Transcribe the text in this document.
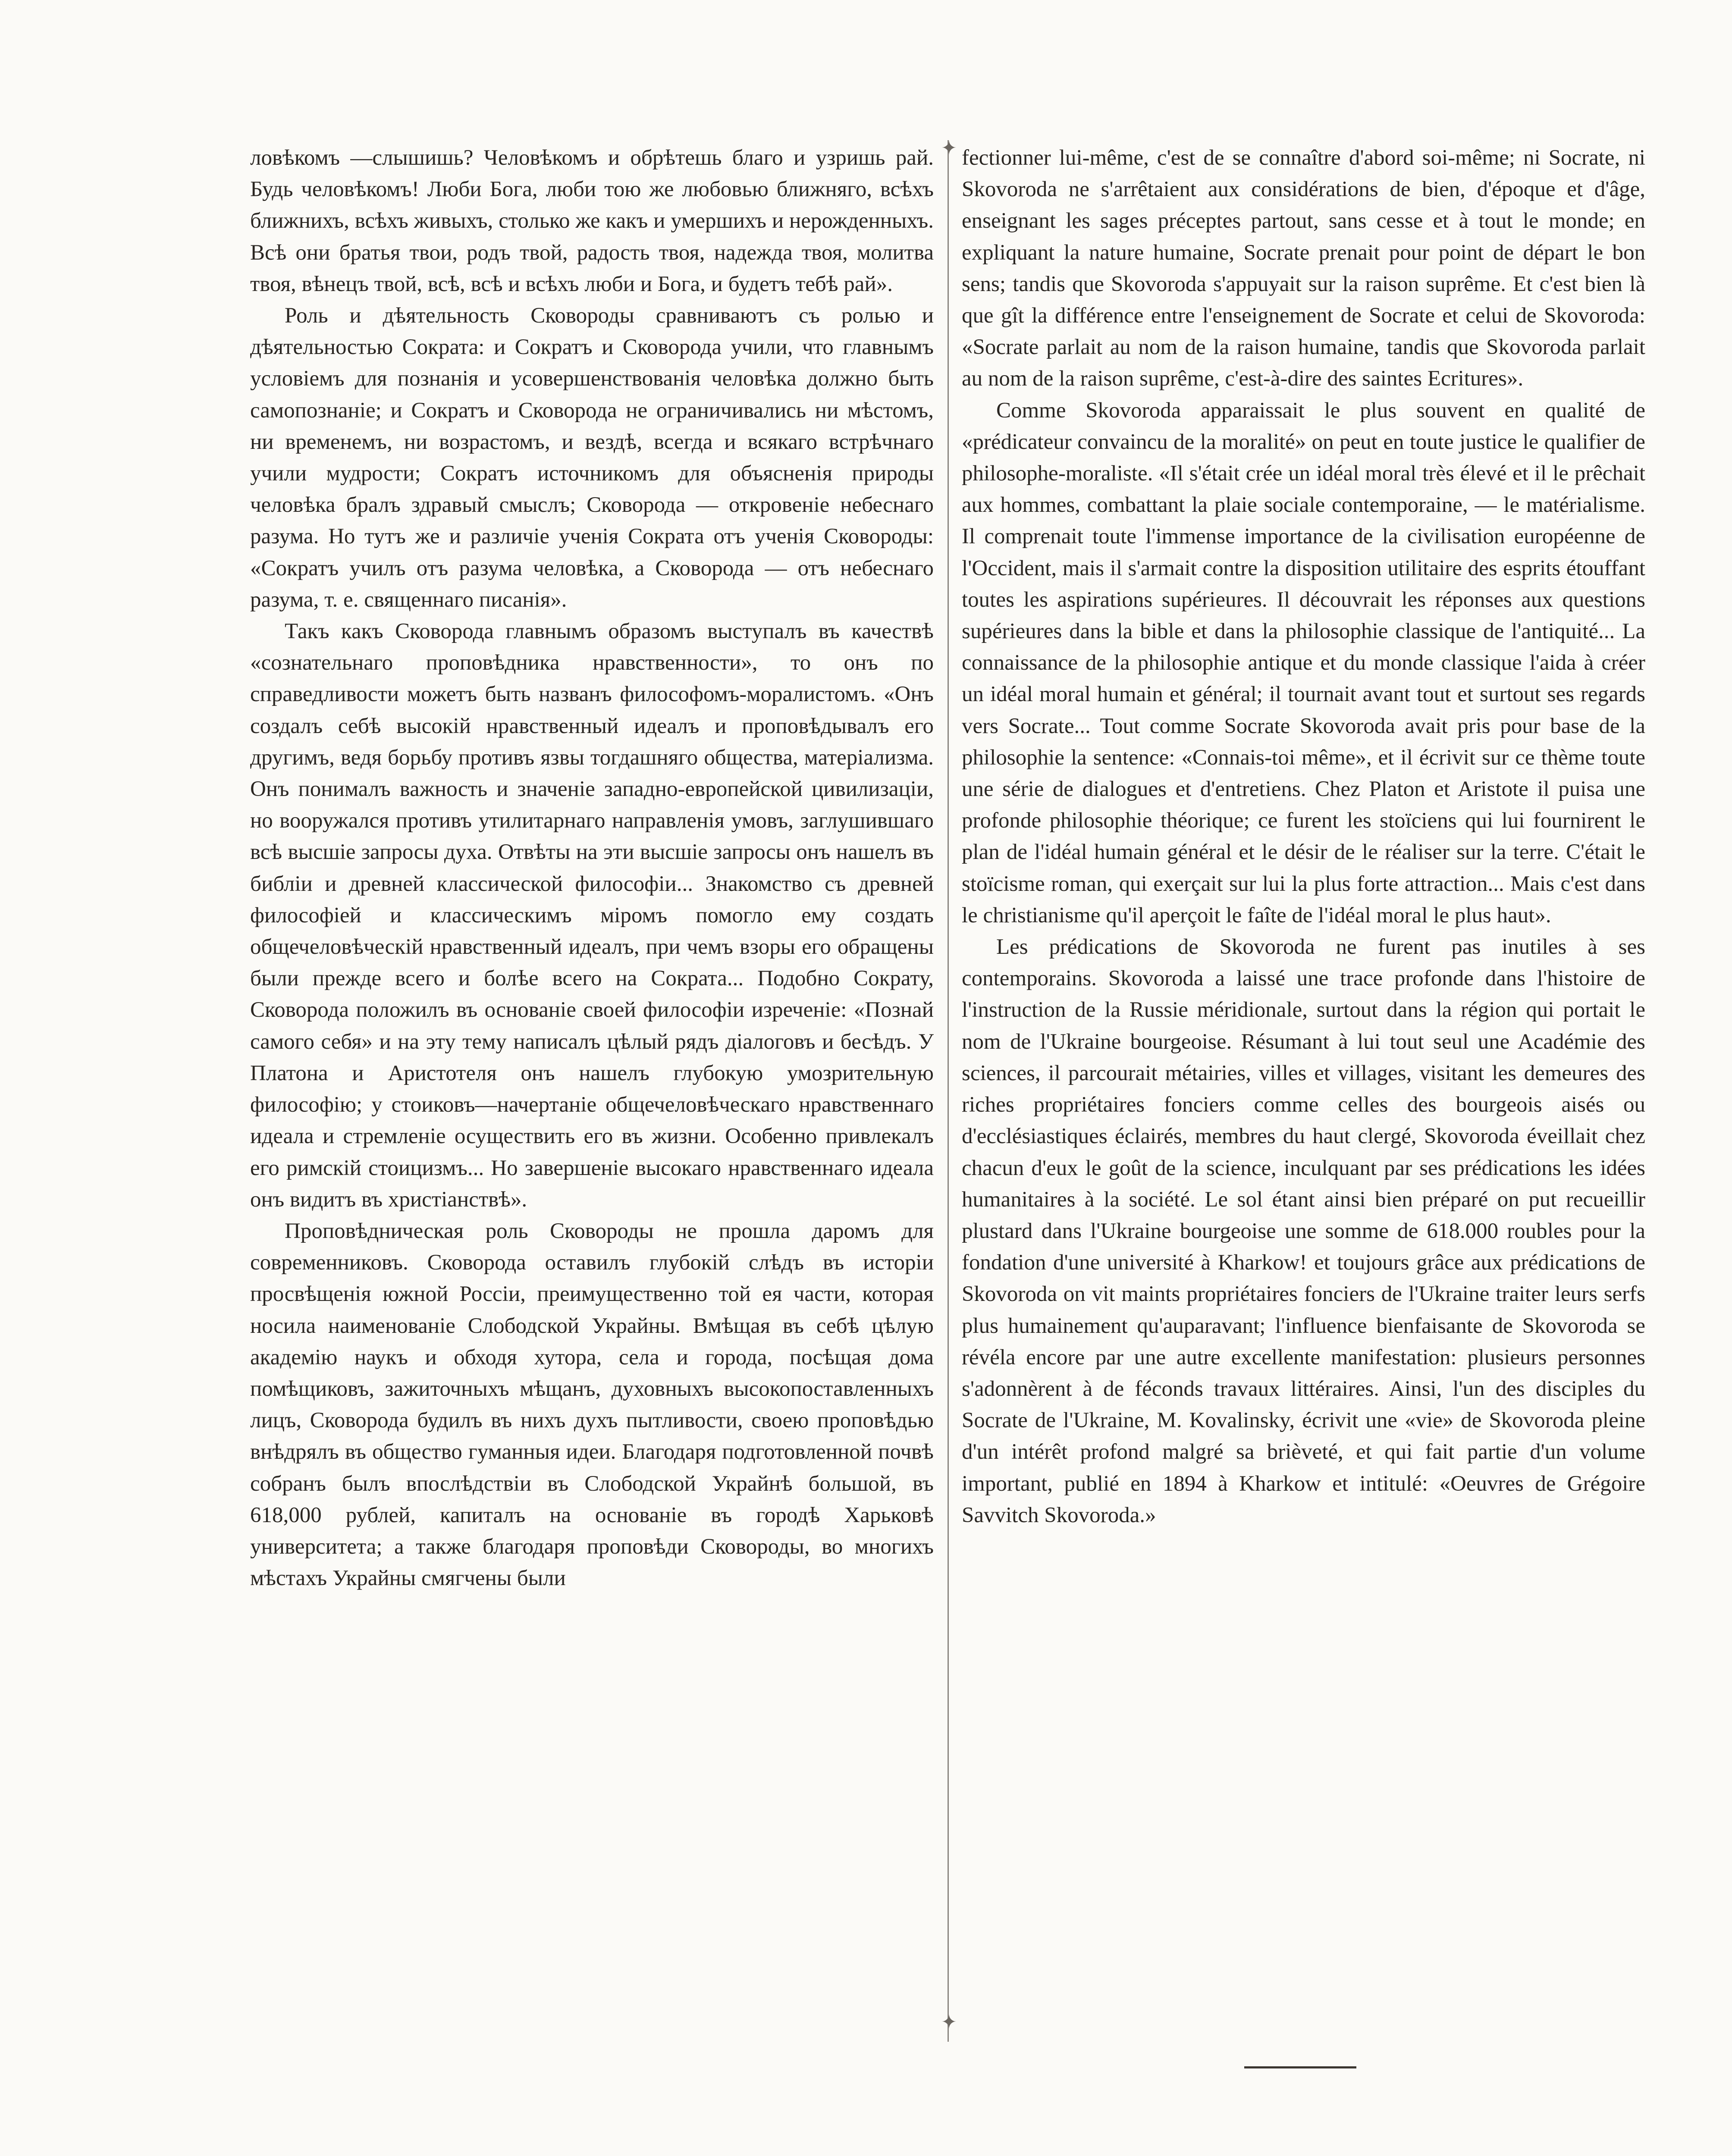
ловѣкомъ —слышишь? Человѣкомъ и обрѣтешь благо и узришь рай. Будь человѣкомъ! Люби Бога, люби тою же любовью ближняго, всѣхъ ближнихъ, всѣхъ живыхъ, столько же какъ и умершихъ и нерожденныхъ. Всѣ они братья твои, родъ твой, радость твоя, надежда твоя, молитва твоя, вѣнецъ твой, всѣ, всѣ и всѣхъ люби и Бога, и будетъ тебѣ рай».

Роль и дѣятельность Сковороды сравниваютъ съ ролью и дѣятельностью Сократа: и Сократъ и Сковорода учили, что главнымъ условіемъ для познанія и усовершенствованія человѣка должно быть самопознаніе; и Сократъ и Сковорода не ограничивались ни мѣстомъ, ни временемъ, ни возрастомъ, и вездѣ, всегда и всякаго встрѣчнаго учили мудрости; Сократъ источникомъ для объясненія природы человѣка бралъ здравый смыслъ; Сковорода — откровеніе небеснаго разума. Но тутъ же и различіе ученія Сократа отъ ученія Сковороды: «Сократъ училъ отъ разума человѣка, а Сковорода — отъ небеснаго разума, т. е. священнаго писанія».

Такъ какъ Сковорода главнымъ образомъ выступалъ въ качествѣ «сознательнаго проповѣдника нравственности», то онъ по справедливости можетъ быть названъ философомъ-моралистомъ. «Онъ создалъ себѣ высокій нравственный идеалъ и проповѣдывалъ его другимъ, ведя борьбу противъ язвы тогдашняго общества, матеріализма. Онъ понималъ важность и значеніе западно-европейской цивилизаціи, но вооружался противъ утилитарнаго направленія умовъ, заглушившаго всѣ высшіе запросы духа. Отвѣты на эти высшіе запросы онъ нашелъ въ библіи и древней классической философіи... Знакомство съ древней философіей и классическимъ міромъ помогло ему создать общечеловѣческій нравственный идеалъ, при чемъ взоры его обращены были прежде всего и болѣе всего на Сократа... Подобно Сократу, Сковорода положилъ въ основаніе своей философіи изреченіе: «Познай самого себя» и на эту тему написалъ цѣлый рядъ діалоговъ и бесѣдъ. У Платона и Аристотеля онъ нашелъ глубокую умозрительную философію; у стоиковъ—начертаніе общечеловѣческаго нравственнаго идеала и стремленіе осуществить его въ жизни. Особенно привлекалъ его римскій стоицизмъ... Но завершеніе высокаго нравственнаго идеала онъ видитъ въ христіанствѣ».

Проповѣдническая роль Сковороды не прошла даромъ для современниковъ. Сковорода оставилъ глубокій слѣдъ въ исторіи просвѣщенія южной Россіи, преимущественно той ея части, которая носила наименованіе Слободской Украйны. Вмѣщая въ себѣ цѣлую академію наукъ и обходя хутора, села и города, посѣщая дома помѣщиковъ, зажиточныхъ мѣщанъ, духовныхъ высокопоставленныхъ лицъ, Сковорода будилъ въ нихъ духъ пытливости, своею проповѣдью внѣдрялъ въ общество гуманныя идеи. Благодаря подготовленной почвѣ собранъ былъ впослѣдствіи въ Слободской Украйнѣ большой, въ 618,000 рублей, капиталъ на основаніе въ городѣ Харьковѣ университета; а также благодаря проповѣди Сковороды, во многихъ мѣстахъ Украйны смягчены были

✦
✦

fectionner lui-même, c'est de se connaître d'abord soi-même; ni Socrate, ni Skovoroda ne s'arrêtaient aux considérations de bien, d'époque et d'âge, enseignant les sages préceptes partout, sans cesse et à tout le monde; en expliquant la nature humaine, Socrate prenait pour point de départ le bon sens; tandis que Skovoroda s'appuyait sur la raison suprême. Et c'est bien là que gît la différence entre l'enseignement de Socrate et celui de Skovoroda: «Socrate parlait au nom de la raison humaine, tandis que Skovoroda parlait au nom de la raison suprême, c'est-à-dire des saintes Ecritures».

Comme Skovoroda apparaissait le plus souvent en qualité de «prédicateur convaincu de la moralité» on peut en toute justice le qualifier de philosophe-moraliste. «Il s'était crée un idéal moral très élevé et il le prêchait aux hommes, combattant la plaie sociale contemporaine, — le matérialisme. Il comprenait toute l'immense importance de la civilisation européenne de l'Occident, mais il s'armait contre la disposition utilitaire des esprits étouffant toutes les aspirations supérieures. Il découvrait les réponses aux questions supérieures dans la bible et dans la philosophie classique de l'antiquité... La connaissance de la philosophie antique et du monde classique l'aida à créer un idéal moral humain et général; il tournait avant tout et surtout ses regards vers Socrate... Tout comme Socrate Skovoroda avait pris pour base de la philosophie la sentence: «Connais-toi même», et il écrivit sur ce thème toute une série de dialogues et d'entretiens. Chez Platon et Aristote il puisa une profonde philosophie théorique; ce furent les stoïciens qui lui fournirent le plan de l'idéal humain général et le désir de le réaliser sur la terre. C'était le stoïcisme roman, qui exerçait sur lui la plus forte attraction... Mais c'est dans le christianisme qu'il aperçoit le faîte de l'idéal moral le plus haut».

Les prédications de Skovoroda ne furent pas inutiles à ses contemporains. Skovoroda a laissé une trace profonde dans l'histoire de l'instruction de la Russie méridionale, surtout dans la région qui portait le nom de l'Ukraine bourgeoise. Résumant à lui tout seul une Académie des sciences, il parcourait métairies, villes et villages, visitant les demeures des riches propriétaires fonciers comme celles des bourgeois aisés ou d'ecclésiastiques éclairés, membres du haut clergé, Skovoroda éveillait chez chacun d'eux le goût de la science, inculquant par ses prédications les idées humanitaires à la société. Le sol étant ainsi bien préparé on put recueillir plustard dans l'Ukraine bourgeoise une somme de 618.000 roubles pour la fondation d'une université à Kharkow! et toujours grâce aux prédications de Skovoroda on vit maints propriétaires fonciers de l'Ukraine traiter leurs serfs plus humainement qu'auparavant; l'influence bienfaisante de Skovoroda se révéla encore par une autre excellente manifestation: plusieurs personnes s'adonnèrent à de féconds travaux littéraires. Ainsi, l'un des disciples du Socrate de l'Ukraine, M. Kovalinsky, écrivit une «vie» de Skovoroda pleine d'un intérêt profond malgré sa brièveté, et qui fait partie d'un volume important, publié en 1894 à Kharkow et intitulé: «Oeuvres de Grégoire Savvitch Skovoroda.»
